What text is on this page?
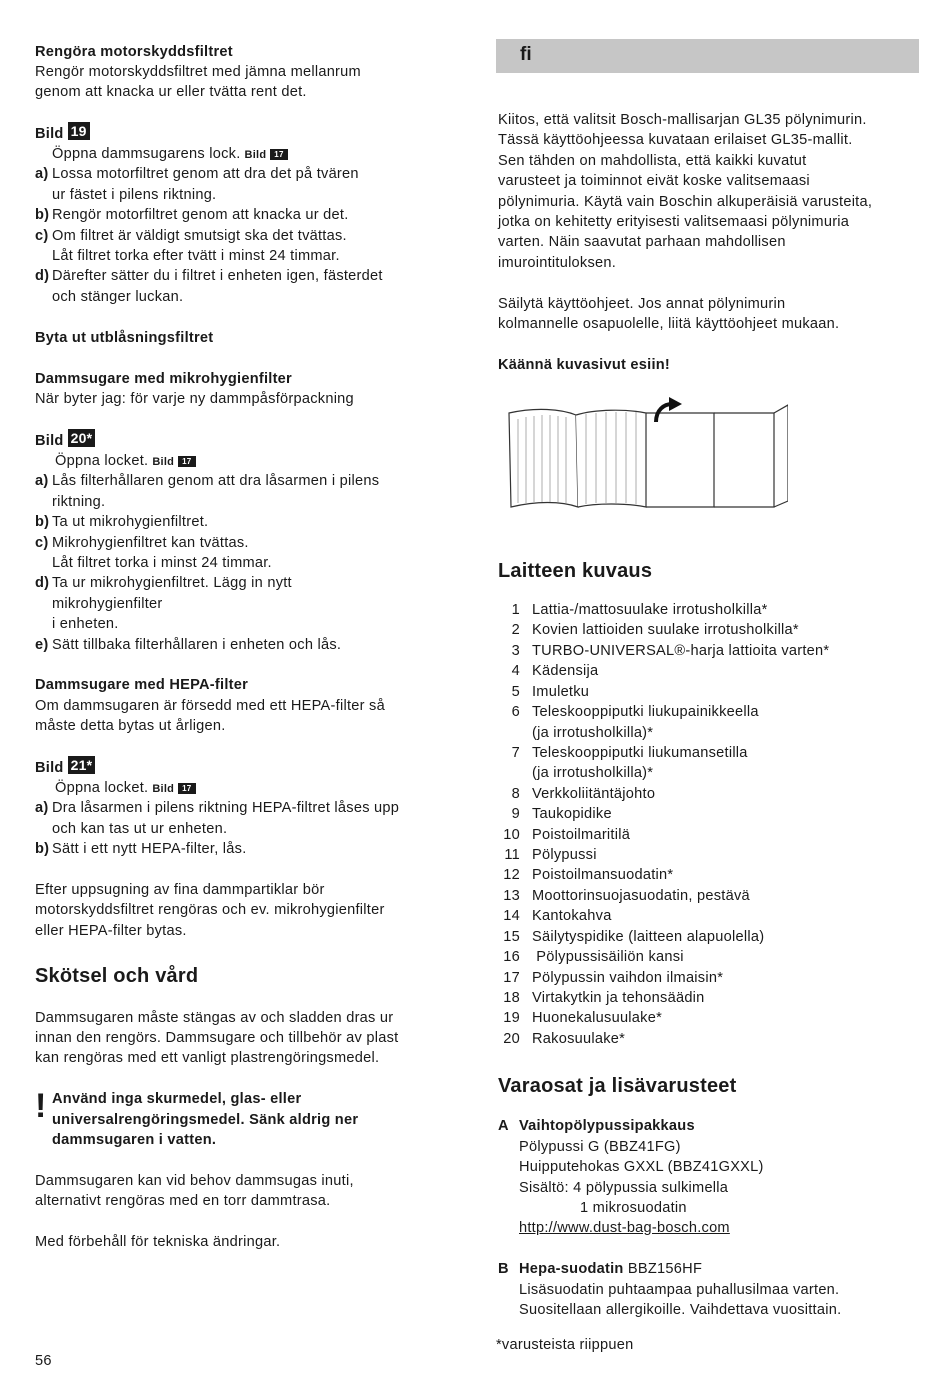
Rengöra motorskyddsfiltret
Rengör motorskyddsfiltret med jämna mellanrum
genom att knacka ur eller tvätta rent det.
Bild 19
Öppna dammsugarens lock. Bild 17
a) Lossa motorfiltret genom att dra det på tvären
ur fästet i pilens riktning.
b) Rengör motorfiltret genom att knacka ur det.
c) Om filtret är väldigt smutsigt ska det tvättas.
Låt filtret torka efter tvätt i minst 24 timmar.
d) Därefter sätter du i filtret i enheten igen, fästerdet
och stänger luckan.
Byta ut utblåsningsfiltret
Dammsugare med mikrohygienfilter
När byter jag: för varje ny dammpåsförpackning
Bild 20*
Öppna locket. Bild 17
a) Lås filterhållaren genom att dra låsarmen i pilens
riktning.
b) Ta ut mikrohygienfiltret.
c) Mikrohygienfiltret kan tvättas.
Låt filtret torka i minst 24 timmar.
d) Ta ur mikrohygienfiltret. Lägg in nytt
mikrohygienfilter
i enheten.
e) Sätt tillbaka filterhållaren i enheten och lås.
Dammsugare med HEPA-filter
Om dammsugaren är försedd med ett HEPA-filter så
måste detta bytas ut årligen.
Bild 21*
Öppna locket. Bild 17
a) Dra låsarmen i pilens riktning HEPA-filtret låses upp
och kan tas ut ur enheten.
b) Sätt i ett nytt HEPA-filter, lås.
Efter uppsugning av fina dammpartiklar bör
motorskyddsfiltret rengöras och ev. mikrohygienfilter
eller HEPA-filter bytas.
Skötsel och vård
Dammsugaren måste stängas av och sladden dras ur
innan den rengörs. Dammsugare och tillbehör av plast
kan rengöras med ett vanligt plastrengöringsmedel.
! Använd inga skurmedel, glas- eller
universalrengöringsmedel. Sänk aldrig ner
dammsugaren i vatten.
Dammsugaren kan vid behov dammsugas inuti,
alternativt rengöras med en torr dammtrasa.
Med förbehåll för tekniska ändringar.
56
fi
Kiitos, että valitsit Bosch-mallisarjan GL35 pölynimurin.
Tässä käyttöohjeessa kuvataan erilaiset GL35-mallit.
Sen tähden on mahdollista, että kaikki kuvatut
varusteet ja toiminnot eivät koske valitsemaasi
pölynimuria. Käytä vain Boschin alkuperäisiä varusteita,
jotka on kehitetty erityisesti valitsemaasi pölynimuria
varten. Näin saavutat parhaan mahdollisen
imurointituloksen.
Säilytä käyttöohjeet. Jos annat pölynimurin
kolmannelle osapuolelle, liitä käyttöohjeet mukaan.
Käännä kuvasivut esiin!
Laitteen kuvaus
1 Lattia-/mattosuulake irrotusholkilla*
2 Kovien lattioiden suulake irrotusholkilla*
3 TURBO-UNIVERSAL®-harja lattioita varten*
4 Kädensija
5 Imuletku
6 Teleskooppiputki liukupainikkeella
(ja irrotusholkilla)*
7 Teleskooppiputki liukumansetilla
(ja irrotusholkilla)*
8 Verkkoliitäntäjohto
9 Taukopidike
10 Poistoilmaritilä
11 Pölypussi
12 Poistoilmansuodatin*
13 Moottorinsuojasuodatin, pestävä
14 Kantokahva
15 Säilytyspidike (laitteen alapuolella)
16 Pölypussisäiliön kansi
17 Pölypussin vaihdon ilmaisin*
18 Virtakytkin ja tehonsäädin
19 Huonekalusuulake*
20 Rakosuulake*
Varaosat ja lisävarusteet
A Vaihtopölypussipakkaus
Pölypussi G (BBZ41FG)
Huipputehokas GXXL (BBZ41GXXL)
Sisältö: 4 pölypussia sulkimella
1 mikrosuodatin
http://www.dust-bag-bosch.com
B Hepa-suodatin BBZ156HF
Lisäsuodatin puhtaampaa puhallusilmaa varten.
Suositellaan allergikoille. Vaihdettava vuosittain.
*varusteista riippuen
